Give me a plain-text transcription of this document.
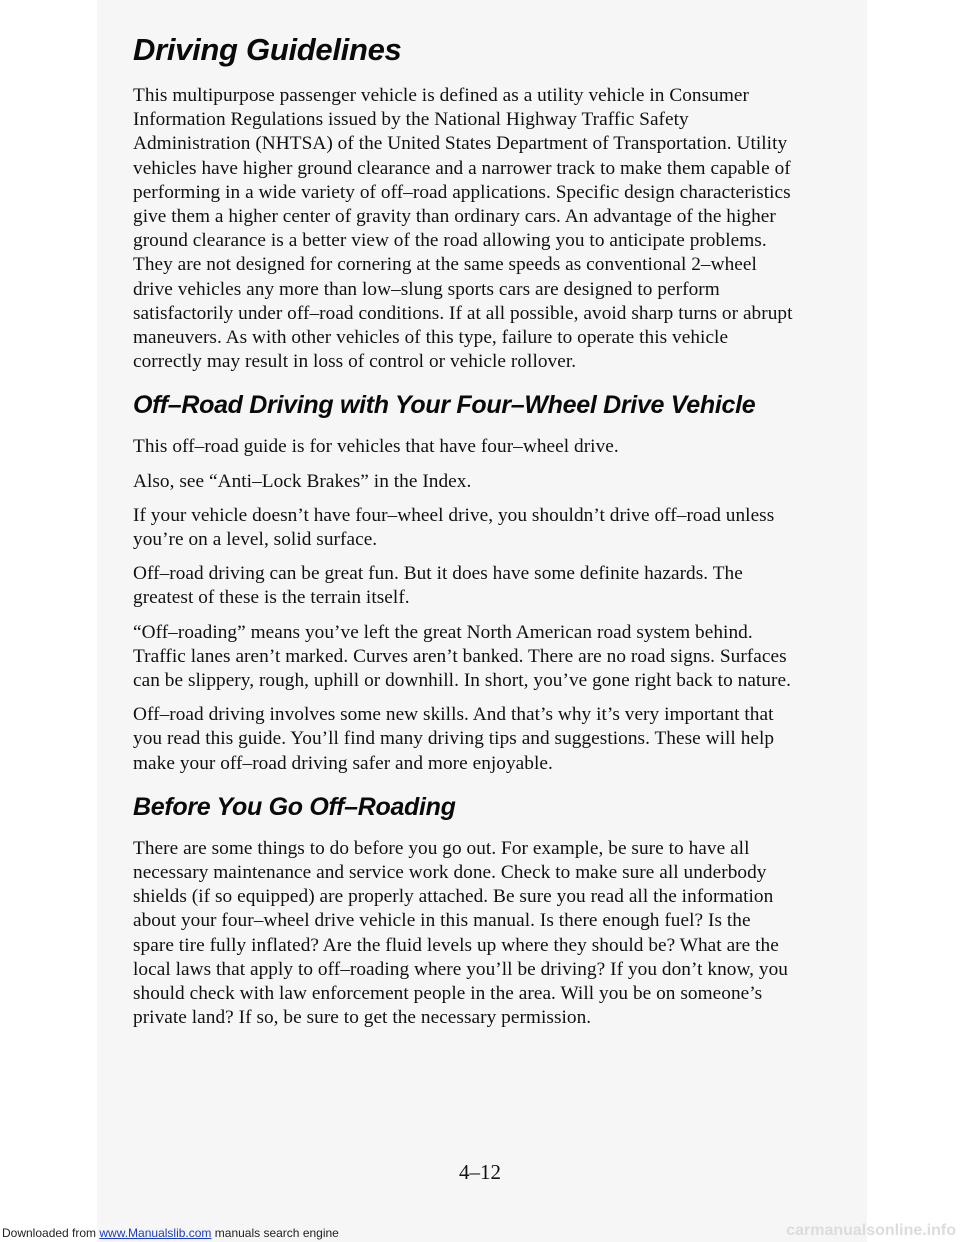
Driving Guidelines

This multipurpose passenger vehicle is defined as a utility vehicle in Consumer Information Regulations issued by the National Highway Traffic Safety Administration (NHTSA) of the United States Department of Transportation. Utility vehicles have higher ground clearance and a narrower track to make them capable of performing in a wide variety of off–road applications. Specific design characteristics give them a higher center of gravity than ordinary cars. An advantage of the higher ground clearance is a better view of the road allowing you to anticipate problems. They are not designed for cornering at the same speeds as conventional 2–wheel drive vehicles any more than low–slung sports cars are designed to perform satisfactorily under off–road conditions. If at all possible, avoid sharp turns or abrupt maneuvers. As with other vehicles of this type, failure to operate this vehicle correctly may result in loss of control or vehicle rollover.

Off–Road Driving with Your Four–Wheel Drive Vehicle

This off–road guide is for vehicles that have four–wheel drive.

Also, see “Anti–Lock Brakes” in the Index.

If your vehicle doesn’t have four–wheel drive, you shouldn’t drive off–road unless you’re on a level, solid surface.

Off–road driving can be great fun. But it does have some definite hazards. The greatest of these is the terrain itself.

“Off–roading” means you’ve left the great North American road system behind. Traffic lanes aren’t marked. Curves aren’t banked. There are no road signs. Surfaces can be slippery, rough, uphill or downhill. In short, you’ve gone right back to nature.

Off–road driving involves some new skills. And that’s why it’s very important that you read this guide. You’ll find many driving tips and suggestions. These will help make your off–road driving safer and more enjoyable.

Before You Go Off–Roading

There are some things to do before you go out. For example, be sure to have all necessary maintenance and service work done. Check to make sure all underbody shields (if so equipped) are properly attached. Be sure you read all the information about your four–wheel drive vehicle in this manual. Is there enough fuel? Is the spare tire fully inflated? Are the fluid levels up where they should be? What are the local laws that apply to off–roading where you’ll be driving? If you don’t know, you should check with law enforcement people in the area. Will you be on someone’s private land? If so, be sure to get the necessary permission.

4–12
Downloaded from www.Manualslib.com manuals search engine	carmanualsonline.info
